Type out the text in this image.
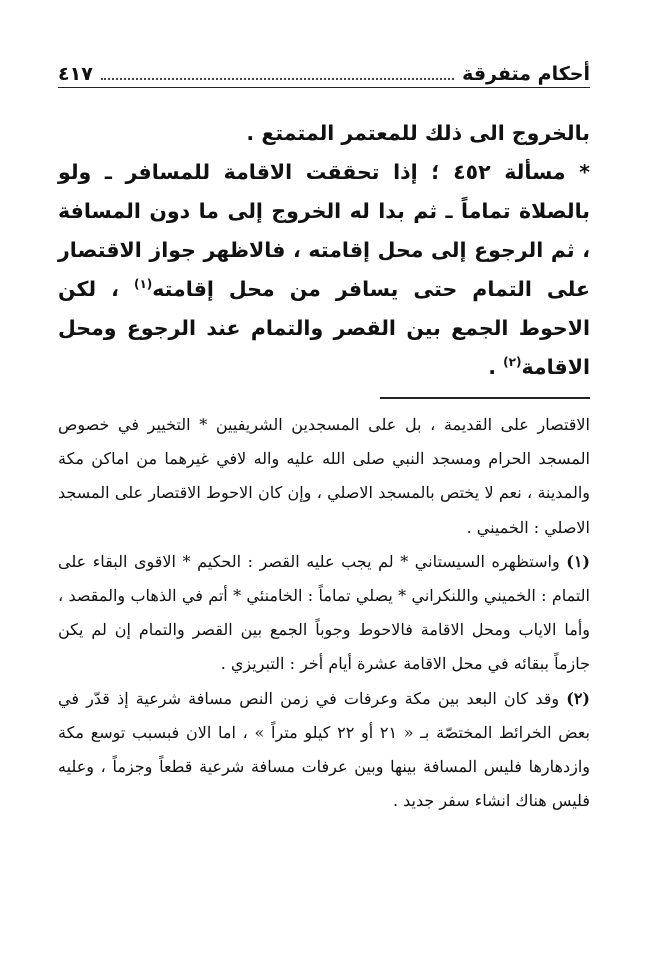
أحكام متفرقة
٤١٧

بالخروج الى ذلك للمعتمر المتمتع .

* مسألة ٤٥٢ ؛ إذا تحققت الاقامة للمسافر ـ ولو بالصلاة تماماً ـ ثم بدا له الخروج إلى ما دون المسافة ، ثم الرجوع إلى محل إقامته ، فالاظهر جواز الاقتصار على التمام حتى يسافر من محل إقامته$^{(١)}$ ، لكن الاحوط الجمع بين القصر والتمام عند الرجوع ومحل الاقامة$^{(٢)}$ .

الاقتصار على القديمة ، بل على المسجدين الشريفيين * التخيير في خصوص المسجد الحرام ومسجد النبي صلى الله عليه واله لافي غيرهما من اماكن مكة والمدينة ، نعم لا يختص بالمسجد الاصلي ، وإن كان الاحوط الاقتصار على المسجد الاصلي : الخميني .

(١) واستظهره السيستاني * لم يجب عليه القصر : الحكيم * الاقوى البقاء على التمام : الخميني واللنكراني * يصلي تماماً : الخامنئي * أتم في الذهاب والمقصد ، وأما الاياب ومحل الاقامة فالاحوط وجوباً الجمع بين القصر والتمام إن لم يكن جازماً ببقائه في محل الاقامة عشرة أيام أخر : التبريزي .

(٢) وقد كان البعد بين مكة وعرفات في زمن النص مسافة شرعية إذ قدّر في بعض الخرائط المختصّة بـ « ٢١ أو ٢٢ كيلو متراً » ، اما الان فبسبب توسع مكة وازدهارها فليس المسافة بينها وبين عرفات مسافة شرعية قطعاً وجزماً ، وعليه فليس هناك انشاء سفر جديد .
